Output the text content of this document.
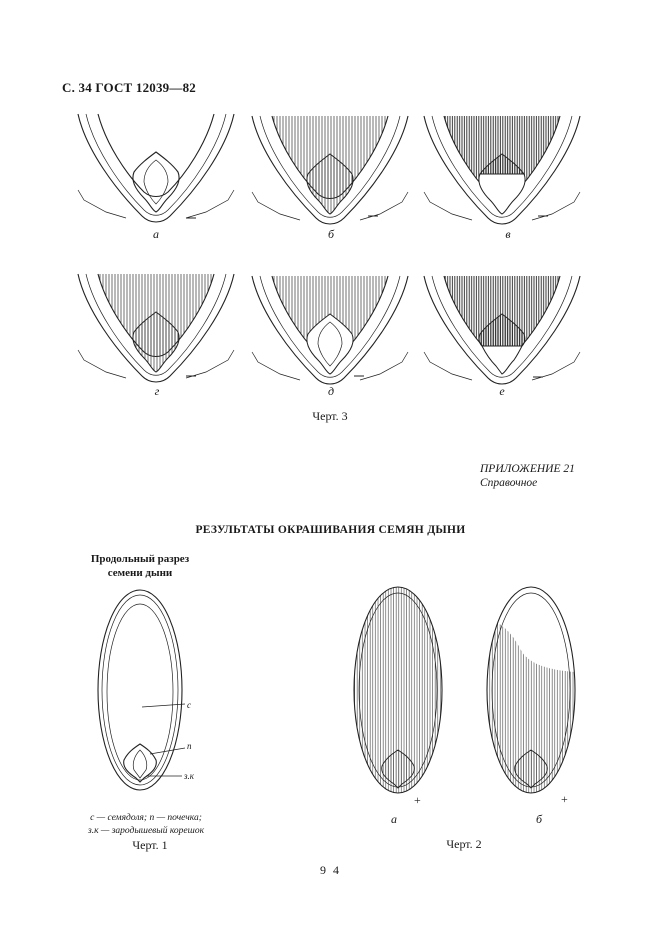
С. 34 ГОСТ 12039—82
а	б	в
г	д	е
Черт. 3
ПРИЛОЖЕНИЕ 21
Справочное
РЕЗУЛЬТАТЫ ОКРАШИВАНИЯ СЕМЯН ДЫНИ
Продольный разрез
семени дыни
с
п
з.к
+	+
с — семядоля; п — почечка;
з.к — зародышевый корешок
Черт. 1
а	б
Черт. 2
9 4
